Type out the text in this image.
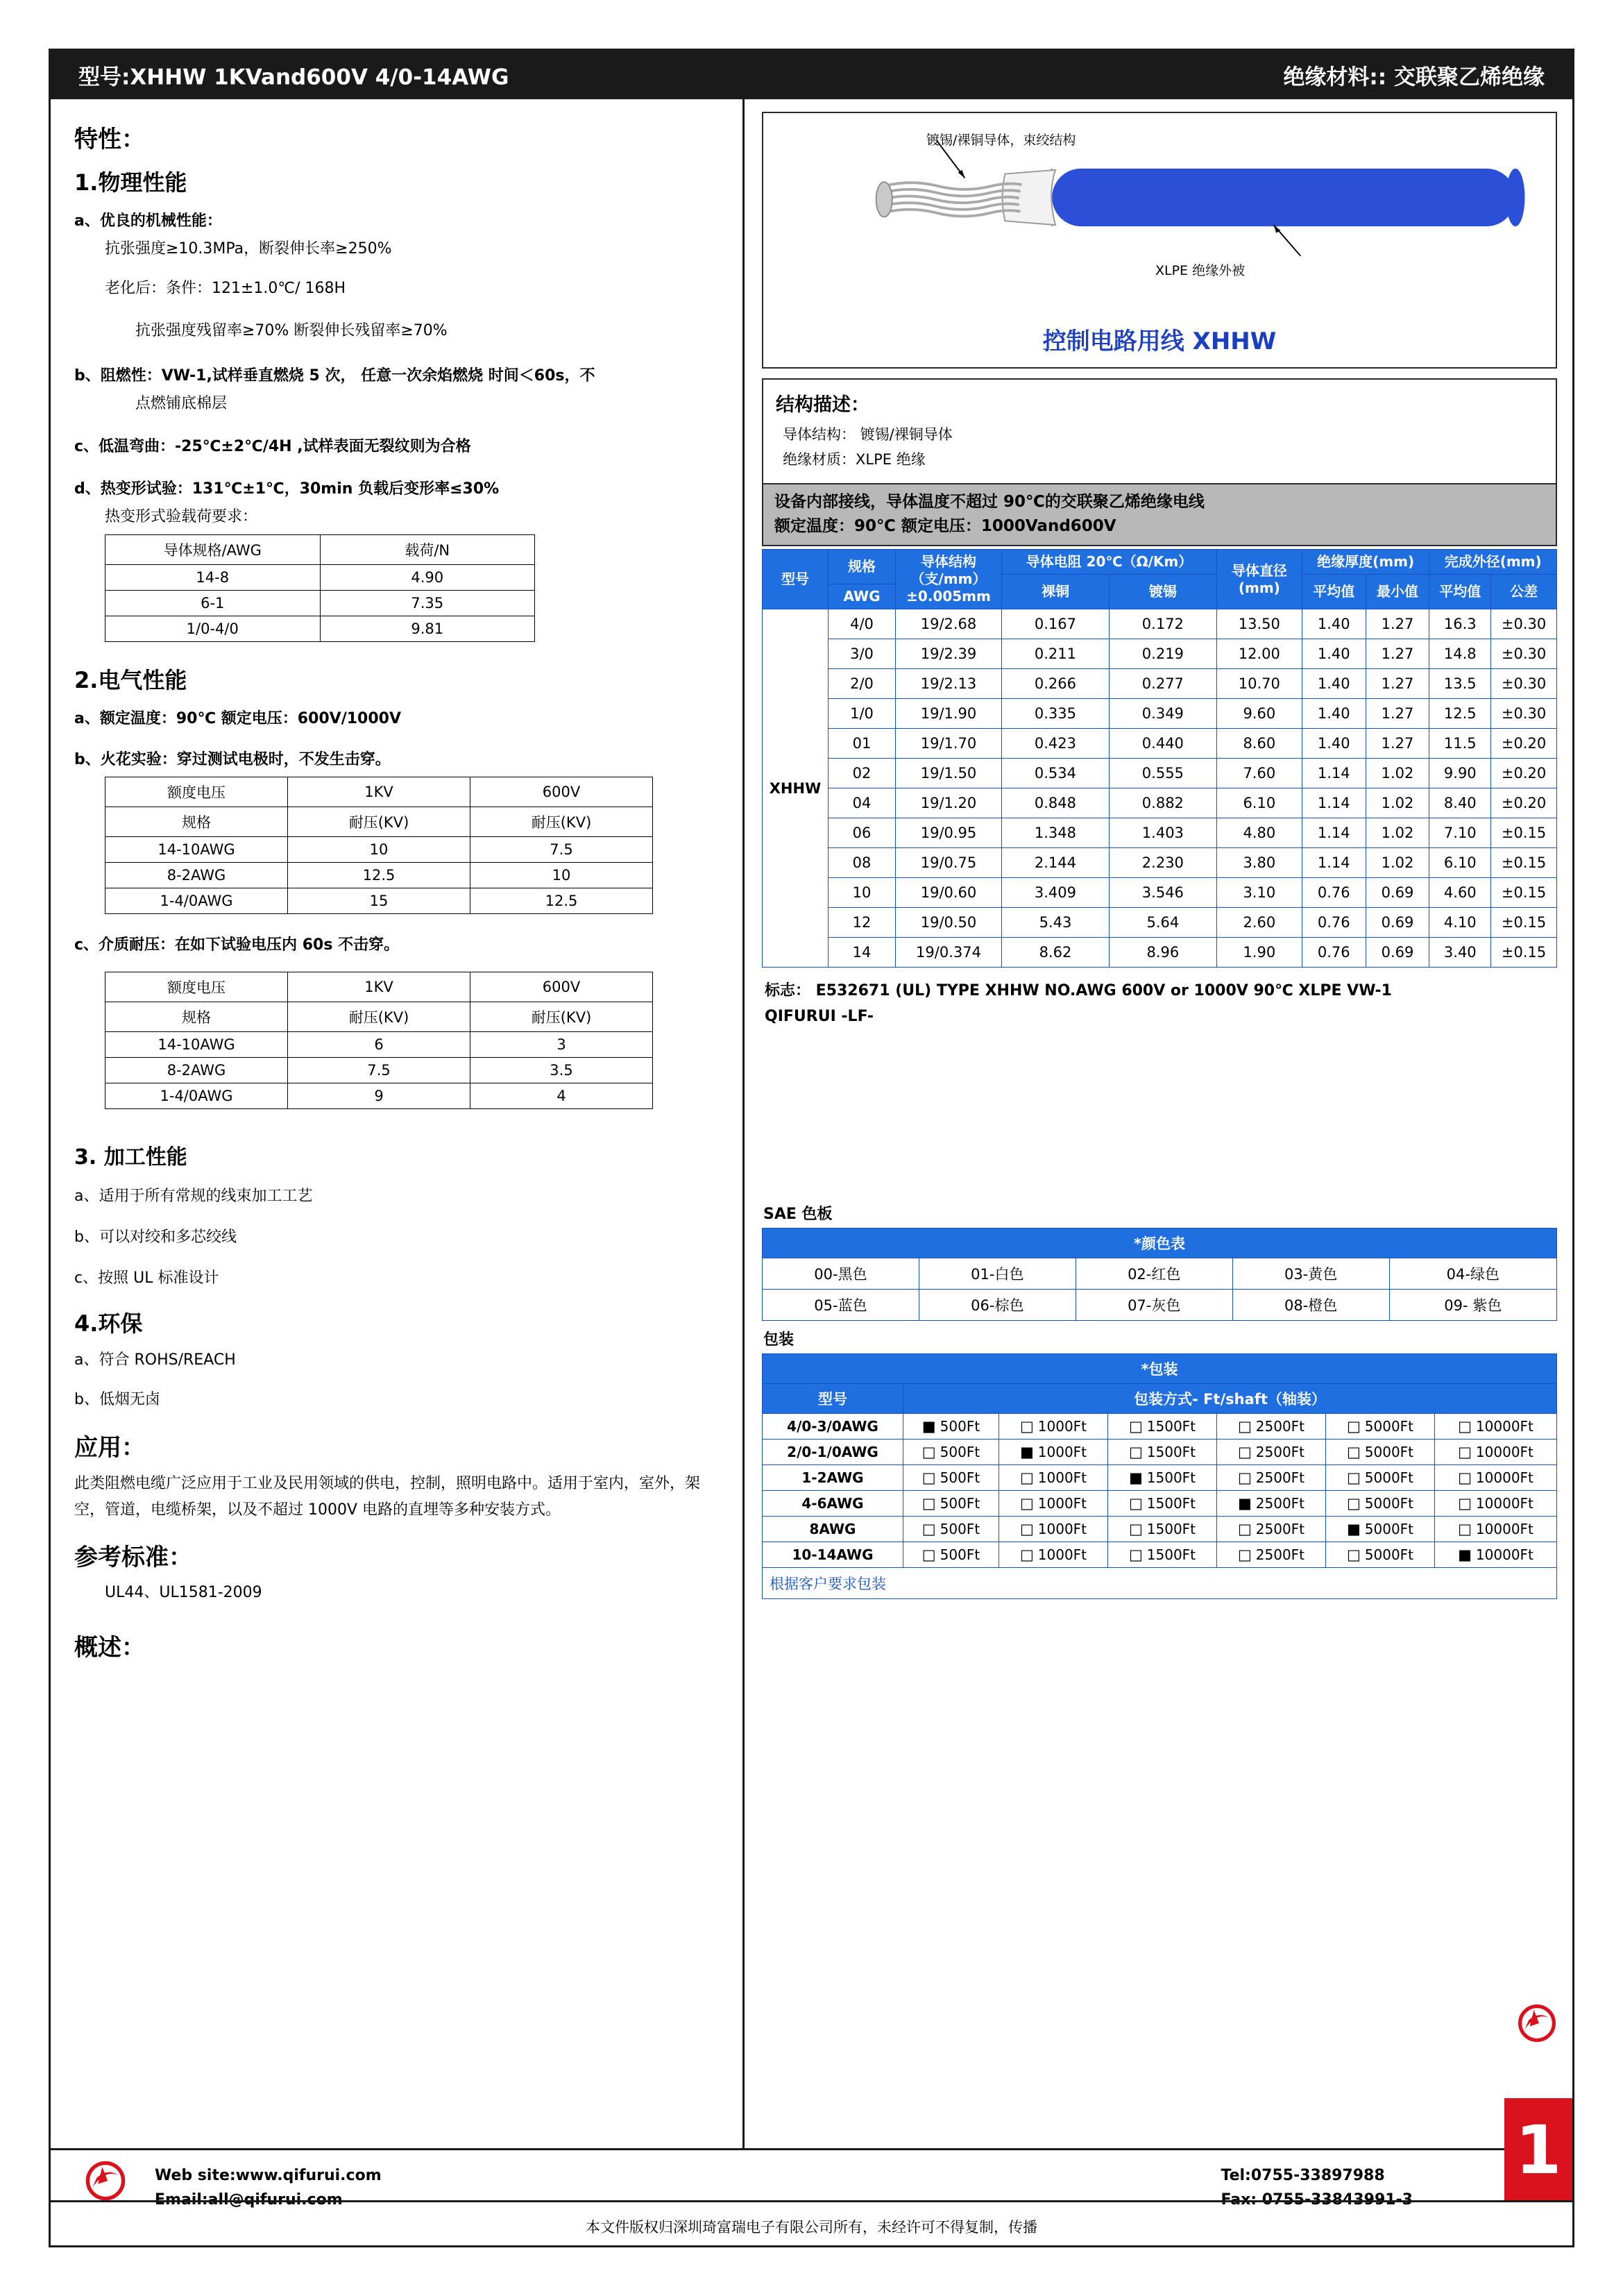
型号:XHHW 1KVand600V 4/0-14AWG	绝缘材料:: 交联聚乙烯绝缘
特性：
1.物理性能
a、优良的机械性能：
抗张强度≥10.3MPa，断裂伸长率≥250%
老化后：条件：121±1.0℃/ 168H
抗张强度残留率≥70% 断裂伸长残留率≥70%
b、阻燃性：VW-1,试样垂直燃烧 5 次， 任意一次余焰燃烧 时间＜60s，不
点燃铺底棉层
c、低温弯曲：-25℃±2℃/4H ,试样表面无裂纹则为合格
d、热变形试验：131℃±1℃，30min 负载后变形率≤30%
热变形式验载荷要求：
导体规格/AWG	载荷/N
14-8	4.90
6-1	7.35
1/0-4/0	9.81
2.电气性能
a、额定温度：90℃ 额定电压：600V/1000V
b、火花实验：穿过测试电极时，不发生击穿。
额度电压	1KV	600V
规格	耐压(KV)	耐压(KV)
14-10AWG	10	7.5
8-2AWG	12.5	10
1-4/0AWG	15	12.5
c、介质耐压：在如下试验电压内 60s 不击穿。
额度电压	1KV	600V
规格	耐压(KV)	耐压(KV)
14-10AWG	6	3
8-2AWG	7.5	3.5
1-4/0AWG	9	4
3. 加工性能
a、适用于所有常规的线束加工工艺
b、可以对绞和多芯绞线
c、按照 UL 标准设计
4.环保
a、符合 ROHS/REACH
b、低烟无卤
应用：
此类阻燃电缆广泛应用于工业及民用领域的供电，控制，照明电路中。适用于室内，室外，架空，管道，电缆桥架，以及不超过 1000V 电路的直埋等多种安装方式。
参考标准：
UL44、UL1581-2009
概述：
镀锡/裸铜导体，束绞结构
XLPE 绝缘外被
控制电路用线 XHHW
结构描述：
导体结构： 镀锡/裸铜导体
绝缘材质：XLPE 绝缘
设备内部接线，导体温度不超过 90℃的交联聚乙烯绝缘电线
额定温度：90℃ 额定电压：1000Vand600V
型号	规格	导体结构（支/mm）±0.005mm	导体电阻 20℃（Ω/Km）		导体直径(mm)	绝缘厚度(mm)		完成外径(mm)	
			裸铜	镀锡		平均值	最小值	平均值	公差
	AWG								
XHHW	4/0	19/2.68	0.167	0.172	13.50	1.40	1.27	16.3	±0.30
	3/0	19/2.39	0.211	0.219	12.00	1.40	1.27	14.8	±0.30
	2/0	19/2.13	0.266	0.277	10.70	1.40	1.27	13.5	±0.30
	1/0	19/1.90	0.335	0.349	9.60	1.40	1.27	12.5	±0.30
	01	19/1.70	0.423	0.440	8.60	1.40	1.27	11.5	±0.20
	02	19/1.50	0.534	0.555	7.60	1.14	1.02	9.90	±0.20
	04	19/1.20	0.848	0.882	6.10	1.14	1.02	8.40	±0.20
	06	19/0.95	1.348	1.403	4.80	1.14	1.02	7.10	±0.15
	08	19/0.75	2.144	2.230	3.80	1.14	1.02	6.10	±0.15
	10	19/0.60	3.409	3.546	3.10	0.76	0.69	4.60	±0.15
	12	19/0.50	5.43	5.64	2.60	0.76	0.69	4.10	±0.15
	14	19/0.374	8.62	8.96	1.90	0.76	0.69	3.40	±0.15
标志： E532671 (UL) TYPE XHHW NO.AWG 600V or 1000V 90℃ XLPE VW-1
QIFURUI -LF-
SAE 色板
*颜色表				
00-黑色	01-白色	02-红色	03-黄色	04-绿色
05-蓝色	06-棕色	07-灰色	08-橙色	09- 紫色
包装
*包装						
型号	包装方式- Ft/shaft（轴装）					
4/0-3/0AWG	■ 500Ft	□ 1000Ft	□ 1500Ft	□ 2500Ft	□ 5000Ft	□ 10000Ft
2/0-1/0AWG	□ 500Ft	■ 1000Ft	□ 1500Ft	□ 2500Ft	□ 5000Ft	□ 10000Ft
1-2AWG	□ 500Ft	□ 1000Ft	■ 1500Ft	□ 2500Ft	□ 5000Ft	□ 10000Ft
4-6AWG	□ 500Ft	□ 1000Ft	□ 1500Ft	■ 2500Ft	□ 5000Ft	□ 10000Ft
8AWG	□ 500Ft	□ 1000Ft	□ 1500Ft	□ 2500Ft	■ 5000Ft	□ 10000Ft
10-14AWG	□ 500Ft	□ 1000Ft	□ 1500Ft	□ 2500Ft	□ 5000Ft	■ 10000Ft
根据客户要求包装
Web site:www.qifurui.com	Tel:0755-33897988	1
本文件版权归深圳琦富瑞电子有限公司所有，未经许可不得复制，传播
